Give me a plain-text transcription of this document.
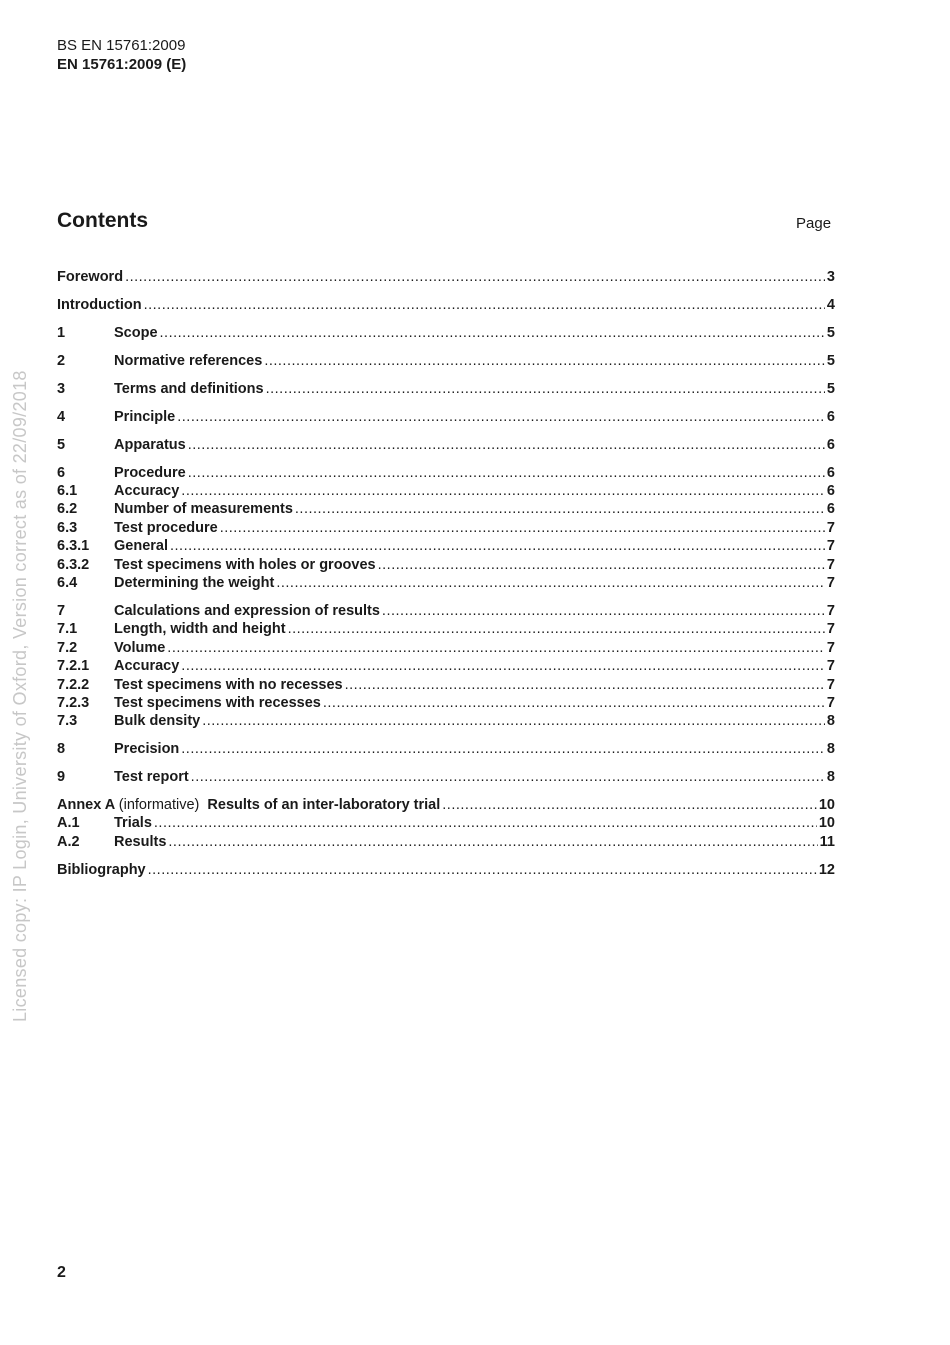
BS EN 15761:2009
EN 15761:2009 (E)
Contents	Page
Foreword .....	3
Introduction .....	4
1	Scope .....	5
2	Normative references .....	5
3	Terms and definitions .....	5
4	Principle .....	6
5	Apparatus .....	6
6	Procedure .....	6
6.1	Accuracy .....	6
6.2	Number of measurements .....	6
6.3	Test procedure .....	7
6.3.1	General .....	7
6.3.2	Test specimens with holes or grooves .....	7
6.4	Determining the weight .....	7
7	Calculations and expression of results .....	7
7.1	Length, width and height .....	7
7.2	Volume .....	7
7.2.1	Accuracy .....	7
7.2.2	Test specimens with no recesses .....	7
7.2.3	Test specimens with recesses .....	7
7.3	Bulk density .....	8
8	Precision .....	8
9	Test report .....	8
Annex A (informative) Results of an inter-laboratory trial .....	10
A.1	Trials .....	10
A.2	Results .....	11
Bibliography .....	12
2
Licensed copy: IP Login, University of Oxford, Version correct as of 22/09/2018
